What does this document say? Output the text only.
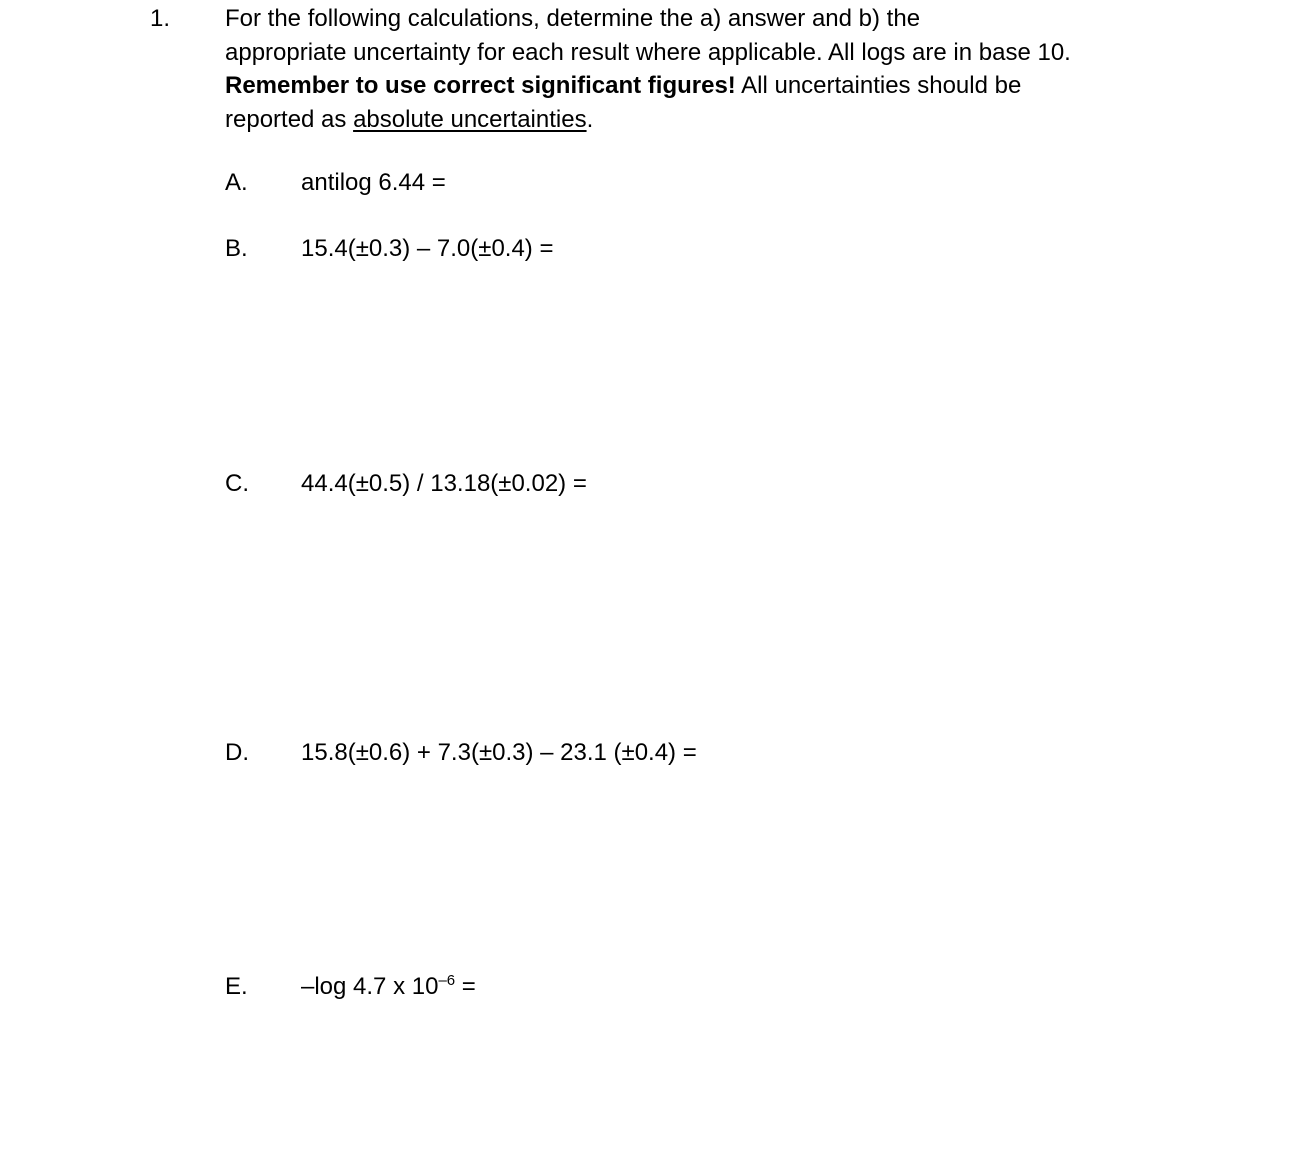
1. For the following calculations, determine the a) answer and b) the
appropriate uncertainty for each result where applicable. All logs are in base 10.
Remember to use correct significant figures! All uncertainties should be
reported as absolute uncertainties.
A. antilog 6.44 =
B. 15.4(±0.3) – 7.0(±0.4) =
C. 44.4(±0.5) / 13.18(±0.02) =
D. 15.8(±0.6) + 7.3(±0.3) – 23.1 (±0.4) =
E. –log 4.7 x $10^{-6}$ =
